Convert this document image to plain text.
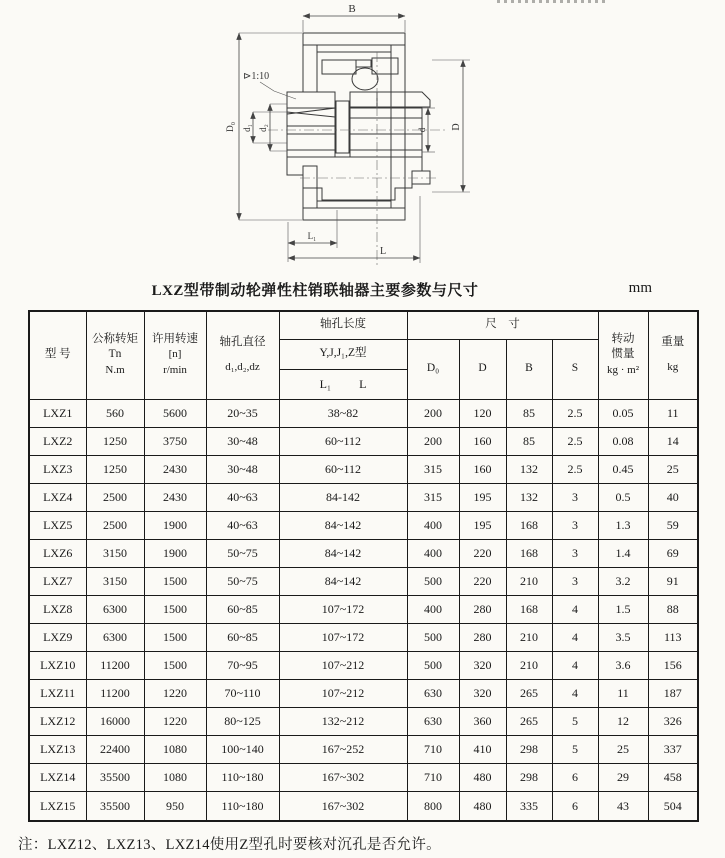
B
⊳1:10
D₀ d₁ d₂	d D
L₁
L
LXZ型带制动轮弹性柱销联轴器主要参数与尺寸	mm
型 号	公称转矩Tn
N.m	许用转速
[n]
r/min	轴孔直径
d₁,d₂,dz	轴孔长度	尺　寸				转动
惯量
kg · m²	重量
kg
				Y,J,J₁,Z型	D₀	D	B	S		

				L₁ L						

LXZ1	560	5600	20~35	38~82	200	120	85	2.5	0.05	11
LXZ2	1250	3750	30~48	60~112	200	160	85	2.5	0.08	14
LXZ3	1250	2430	30~48	60~112	315	160	132	2.5	0.45	25
LXZ4	2500	2430	40~63	84-142	315	195	132	3	0.5	40
LXZ5	2500	1900	40~63	84~142	400	195	168	3	1.3	59
LXZ6	3150	1900	50~75	84~142	400	220	168	3	1.4	69
LXZ7	3150	1500	50~75	84~142	500	220	210	3	3.2	91
LXZ8	6300	1500	60~85	107~172	400	280	168	4	1.5	88
LXZ9	6300	1500	60~85	107~172	500	280	210	4	3.5	113
LXZ10	11200	1500	70~95	107~212	500	320	210	4	3.6	156
LXZ11	11200	1220	70~110	107~212	630	320	265	4	11	187
LXZ12	16000	1220	80~125	132~212	630	360	265	5	12	326
LXZ13	22400	1080	100~140	167~252	710	410	298	5	25	337
LXZ14	35500	1080	110~180	167~302	710	480	298	6	29	458
LXZ15	35500	950	110~180	167~302	800	480	335	6	43	504
注：LXZ12、LXZ13、LXZ14使用Z型孔时要核对沉孔是否允许。
